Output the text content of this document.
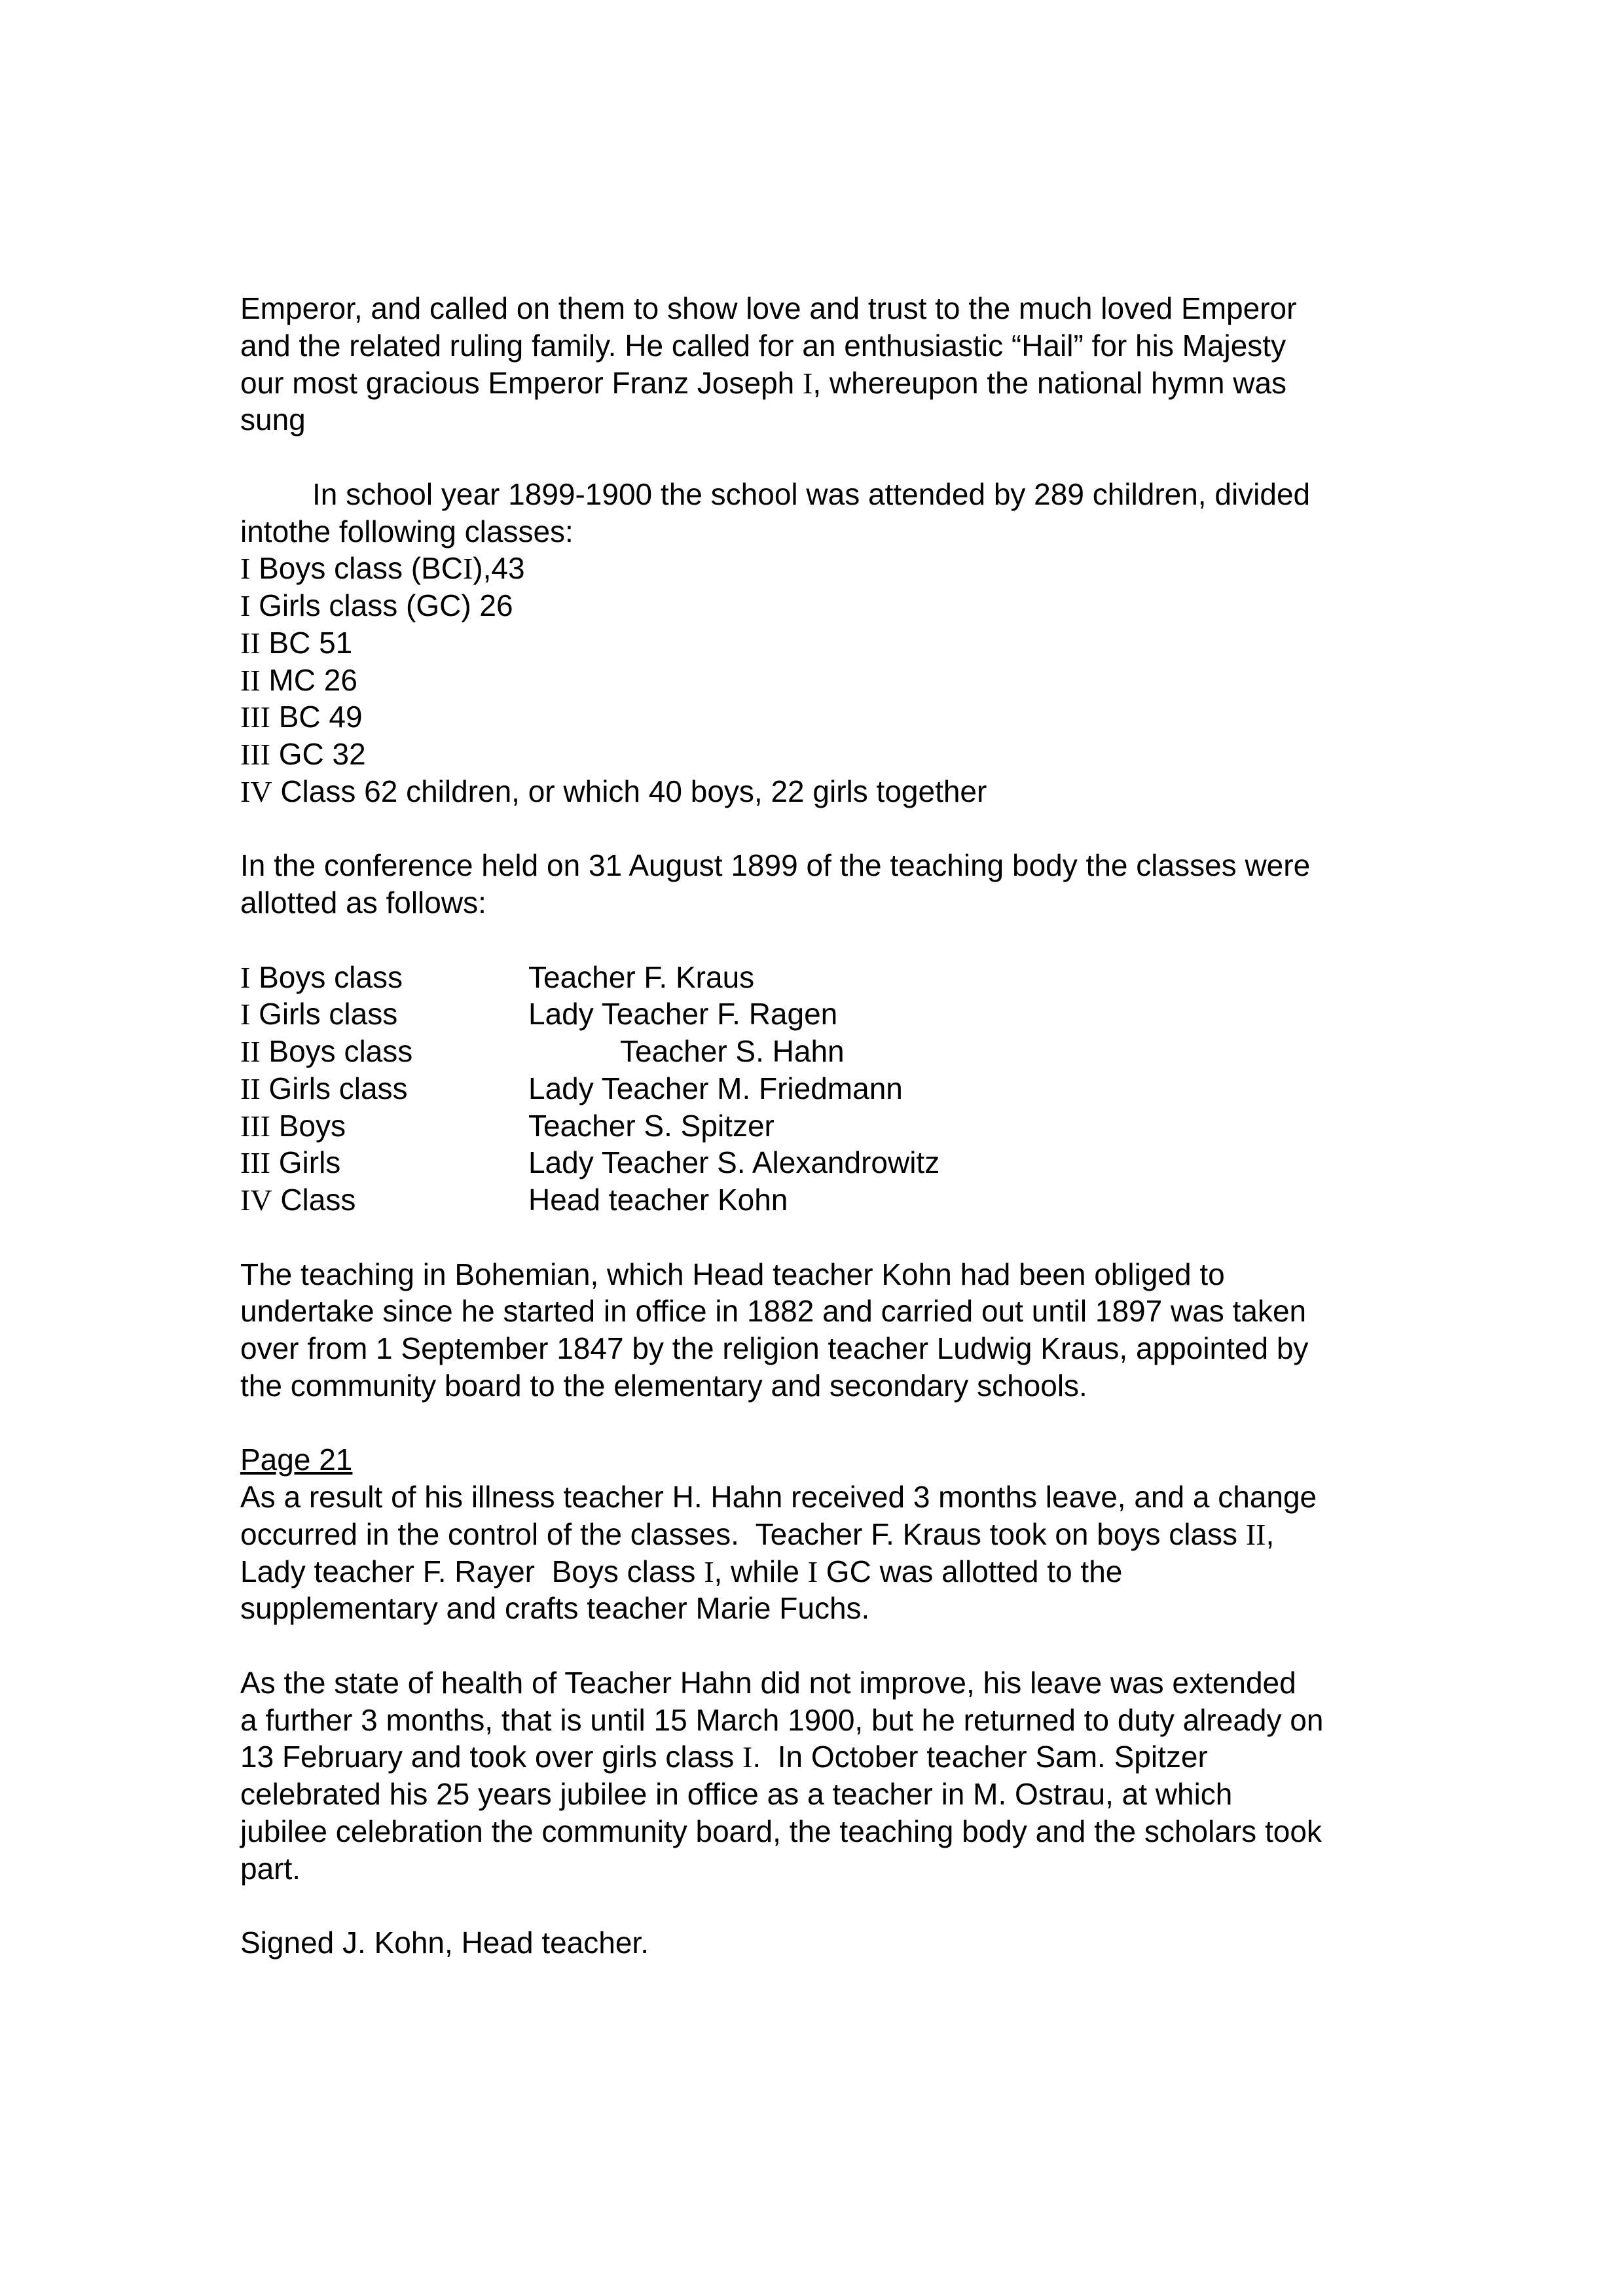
Emperor, and called on them to show love and trust to the much loved Emperor
and the related ruling family. He called for an enthusiastic “Hail” for his Majesty
our most gracious Emperor Franz Joseph I, whereupon the national hymn was
sung
In school year 1899-1900 the school was attended by 289 children, divided
intothe following classes:
I Boys class (BCI),43
I Girls class (GC) 26
II BC 51
II MC 26
III BC 49
III GC 32
IV Class 62 children, or which 40 boys, 22 girls together
In the conference held on 31 August 1899 of the teaching body the classes were
allotted as follows:
I Boys class	Teacher F. Kraus
I Girls class	Lady Teacher F. Ragen
II Boys class	Teacher S. Hahn
II Girls class	Lady Teacher M. Friedmann
III Boys	Teacher S. Spitzer
III Girls	Lady Teacher S. Alexandrowitz
IV Class	Head teacher Kohn
The teaching in Bohemian, which Head teacher Kohn had been obliged to
undertake since he started in office in 1882 and carried out until 1897 was taken
over from 1 September 1847 by the religion teacher Ludwig Kraus, appointed by
the community board to the elementary and secondary schools.
Page 21
As a result of his illness teacher H. Hahn received 3 months leave, and a change
occurred in the control of the classes.  Teacher F. Kraus took on boys class II,
Lady teacher F. Rayer  Boys class I, while I GC was allotted to the
supplementary and crafts teacher Marie Fuchs.
As the state of health of Teacher Hahn did not improve, his leave was extended
a further 3 months, that is until 15 March 1900, but he returned to duty already on
13 February and took over girls class I.  In October teacher Sam. Spitzer
celebrated his 25 years jubilee in office as a teacher in M. Ostrau, at which
jubilee celebration the community board, the teaching body and the scholars took
part.
Signed J. Kohn, Head teacher.
